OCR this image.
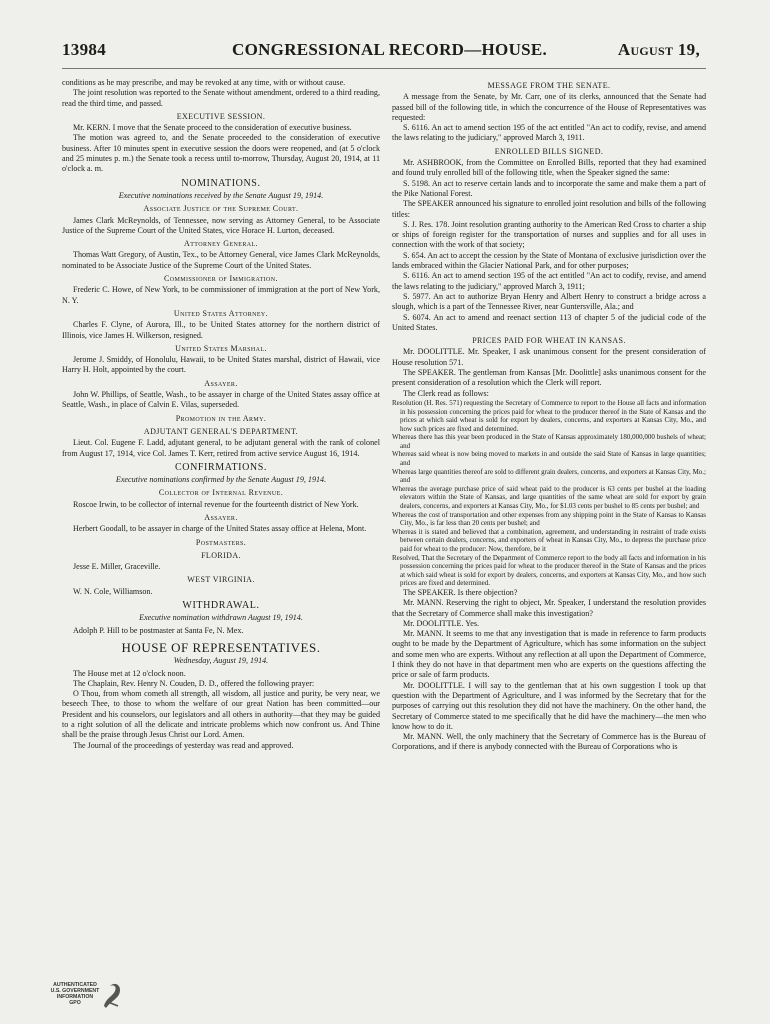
13984	CONGRESSIONAL RECORD—HOUSE.	August 19,

conditions as he may prescribe, and may be revoked at any time, with or without cause.

The joint resolution was reported to the Senate without amendment, ordered to a third reading, read the third time, and passed.

EXECUTIVE SESSION.

Mr. KERN. I move that the Senate proceed to the consideration of executive business.

The motion was agreed to, and the Senate proceeded to the consideration of executive business. After 10 minutes spent in executive session the doors were reopened, and (at 5 o'clock and 25 minutes p. m.) the Senate took a recess until to-morrow, Thursday, August 20, 1914, at 11 o'clock a. m.

NOMINATIONS.

Executive nominations received by the Senate August 19, 1914.

Associate Justice of the Supreme Court.

James Clark McReynolds, of Tennessee, now serving as Attorney General, to be Associate Justice of the Supreme Court of the United States, vice Horace H. Lurton, deceased.

Attorney General.

Thomas Watt Gregory, of Austin, Tex., to be Attorney General, vice James Clark McReynolds, nominated to be Associate Justice of the Supreme Court of the United States.

Commissioner of Immigration.

Frederic C. Howe, of New York, to be commissioner of immigration at the port of New York, N. Y.

United States Attorney.

Charles F. Clyne, of Aurora, Ill., to be United States attorney for the northern district of Illinois, vice James H. Wilkerson, resigned.

United States Marshal.

Jerome J. Smiddy, of Honolulu, Hawaii, to be United States marshal, district of Hawaii, vice Harry H. Holt, appointed by the court.

Assayer.

John W. Phillips, of Seattle, Wash., to be assayer in charge of the United States assay office at Seattle, Wash., in place of Calvin E. Vilas, superseded.

Promotion in the Army.

ADJUTANT GENERAL'S DEPARTMENT.

Lieut. Col. Eugene F. Ladd, adjutant general, to be adjutant general with the rank of colonel from August 17, 1914, vice Col. James T. Kerr, retired from active service August 16, 1914.

CONFIRMATIONS.

Executive nominations confirmed by the Senate August 19, 1914.

Collector of Internal Revenue.

Roscoe Irwin, to be collector of internal revenue for the fourteenth district of New York.

Assayer.

Herbert Goodall, to be assayer in charge of the United States assay office at Helena, Mont.

Postmasters.

FLORIDA.

Jesse E. Miller, Graceville.

WEST VIRGINIA.

W. N. Cole, Williamson.

WITHDRAWAL.

Executive nomination withdrawn August 19, 1914.

Adolph P. Hill to be postmaster at Santa Fe, N. Mex.

HOUSE OF REPRESENTATIVES.

Wednesday, August 19, 1914.

The House met at 12 o'clock noon.

The Chaplain, Rev. Henry N. Couden, D. D., offered the following prayer:

O Thou, from whom cometh all strength, all wisdom, all justice and purity, be very near, we beseech Thee, to those to whom the welfare of our great Nation has been committed—our President and his counselors, our legislators and all others in authority—that they may be guided to a right solution of all the delicate and intricate problems which now confront us. And Thine shall be the praise through Jesus Christ our Lord. Amen.

The Journal of the proceedings of yesterday was read and approved.

MESSAGE FROM THE SENATE.

A message from the Senate, by Mr. Carr, one of its clerks, announced that the Senate had passed bill of the following title, in which the concurrence of the House of Representatives was requested:

S. 6116. An act to amend section 195 of the act entitled "An act to codify, revise, and amend the laws relating to the judiciary," approved March 3, 1911.

ENROLLED BILLS SIGNED.

Mr. ASHBROOK, from the Committee on Enrolled Bills, reported that they had examined and found truly enrolled bill of the following title, when the Speaker signed the same:

S. 5198. An act to reserve certain lands and to incorporate the same and make them a part of the Pike National Forest.

The SPEAKER announced his signature to enrolled joint resolution and bills of the following titles:

S. J. Res. 178. Joint resolution granting authority to the American Red Cross to charter a ship or ships of foreign register for the transportation of nurses and supplies and for all uses in connection with the work of that society;

S. 654. An act to accept the cession by the State of Montana of exclusive jurisdiction over the lands embraced within the Glacier National Park, and for other purposes;

S. 6116. An act to amend section 195 of the act entitled "An act to codify, revise, and amend the laws relating to the judiciary," approved March 3, 1911;

S. 5977. An act to authorize Bryan Henry and Albert Henry to construct a bridge across a slough, which is a part of the Tennessee River, near Guntersville, Ala.; and

S. 6074. An act to amend and reenact section 113 of chapter 5 of the judicial code of the United States.

PRICES PAID FOR WHEAT IN KANSAS.

Mr. DOOLITTLE. Mr. Speaker, I ask unanimous consent for the present consideration of House resolution 571.

The SPEAKER. The gentleman from Kansas [Mr. Doolittle] asks unanimous consent for the present consideration of a resolution which the Clerk will report.

The Clerk read as follows:

Resolution (H. Res. 571) requesting the Secretary of Commerce to report to the House all facts and information in his possession concerning the prices paid for wheat to the producer thereof in the State of Kansas and the prices at which said wheat is sold for export by dealers, concerns, and exporters at Kansas City, Mo., and how such prices are fixed and determined.

Whereas there has this year been produced in the State of Kansas approximately 180,000,000 bushels of wheat; and

Whereas said wheat is now being moved to markets in and outside the said State of Kansas in large quantities; and

Whereas large quantities thereof are sold to different grain dealers, concerns, and exporters at Kansas City, Mo.; and

Whereas the average purchase price of said wheat paid to the producer is 63 cents per bushel at the loading elevators within the State of Kansas, and large quantities of the same wheat are sold for export by grain dealers, concerns, and exporters at Kansas City, Mo., for $1.03 cents per bushel to 85 cents per bushel; and

Whereas the cost of transportation and other expenses from any shipping point in the State of Kansas to Kansas City, Mo., is far less than 20 cents per bushel; and

Whereas it is stated and believed that a combination, agreement, and understanding in restraint of trade exists between certain dealers, concerns, and exporters of wheat in Kansas City, Mo., to depress the purchase price paid for wheat to the producer: Now, therefore, be it

Resolved, That the Secretary of the Department of Commerce report to the body all facts and information in his possession concerning the prices paid for wheat to the producer thereof in the State of Kansas and the prices at which said wheat is sold for export by dealers, concerns, and exporters at Kansas City, Mo., and how such prices are fixed and determined.

The SPEAKER. Is there objection?

Mr. MANN. Reserving the right to object, Mr. Speaker, I understand the resolution provides that the Secretary of Commerce shall make this investigation?

Mr. DOOLITTLE. Yes.

Mr. MANN. It seems to me that any investigation that is made in reference to farm products ought to be made by the Department of Agriculture, which has some information on the subject and some men who are experts. Without any reflection at all upon the Department of Commerce, I think they do not have in that department men who are experts on the questions affecting the price or sale of farm products.

Mr. DOOLITTLE. I will say to the gentleman that at his own suggestion I took up that question with the Department of Agriculture, and I was informed by the Secretary that for the purposes of carrying out this resolution they did not have the machinery. On the other hand, the Secretary of Commerce stated to me specifically that he did have the machinery—the men who know how to do it.

Mr. MANN. Well, the only machinery that the Secretary of Commerce has is the Bureau of Corporations, and if there is anybody connected with the Bureau of Corporations who is

AUTHENTICATED U.S. GOVERNMENT INFORMATION
GPO
